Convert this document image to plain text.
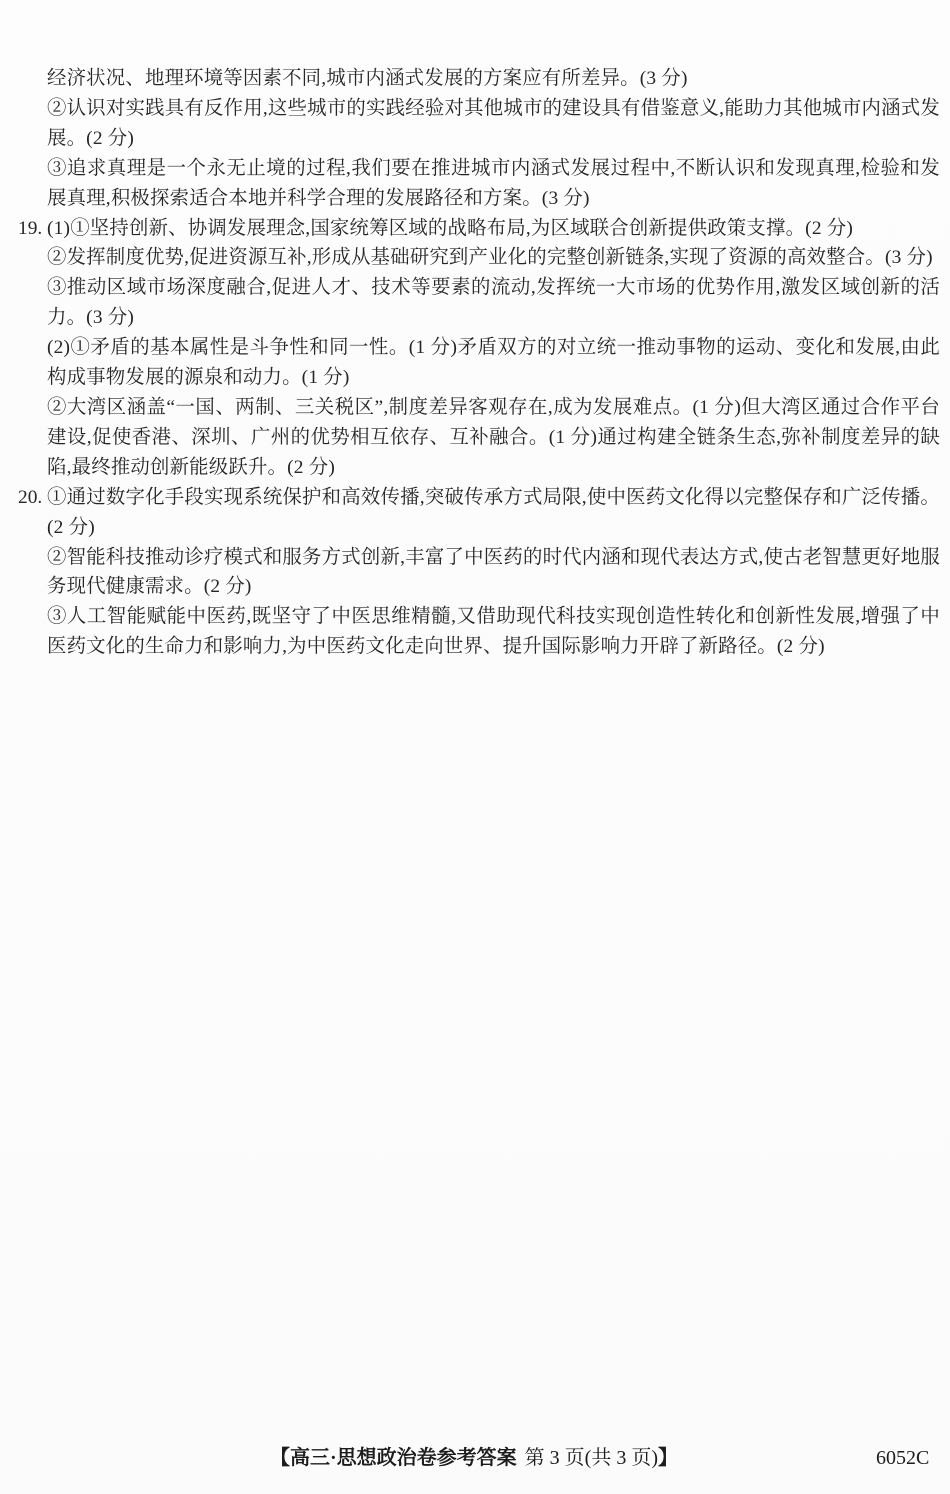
经济状况、地理环境等因素不同,城市内涵式发展的方案应有所差异。(3 分)
②认识对实践具有反作用,这些城市的实践经验对其他城市的建设具有借鉴意义,能助力其他城市内涵式发展。(2 分)
③追求真理是一个永无止境的过程,我们要在推进城市内涵式发展过程中,不断认识和发现真理,检验和发展真理,积极探索适合本地并科学合理的发展路径和方案。(3 分)
19. (1)①坚持创新、协调发展理念,国家统筹区域的战略布局,为区域联合创新提供政策支撑。(2 分)
②发挥制度优势,促进资源互补,形成从基础研究到产业化的完整创新链条,实现了资源的高效整合。(3 分)
③推动区域市场深度融合,促进人才、技术等要素的流动,发挥统一大市场的优势作用,激发区域创新的活力。(3 分)
(2)①矛盾的基本属性是斗争性和同一性。(1 分)矛盾双方的对立统一推动事物的运动、变化和发展,由此构成事物发展的源泉和动力。(1 分)
②大湾区涵盖“一国、两制、三关税区”,制度差异客观存在,成为发展难点。(1 分)但大湾区通过合作平台建设,促使香港、深圳、广州的优势相互依存、互补融合。(1 分)通过构建全链条生态,弥补制度差异的缺陷,最终推动创新能级跃升。(2 分)
20. ①通过数字化手段实现系统保护和高效传播,突破传承方式局限,使中医药文化得以完整保存和广泛传播。(2 分)
②智能科技推动诊疗模式和服务方式创新,丰富了中医药的时代内涵和现代表达方式,使古老智慧更好地服务现代健康需求。(2 分)
③人工智能赋能中医药,既坚守了中医思维精髓,又借助现代科技实现创造性转化和创新性发展,增强了中医药文化的生命力和影响力,为中医药文化走向世界、提升国际影响力开辟了新路径。(2 分)
【高三·思想政治卷参考答案 第 3 页(共 3 页)】	6052C
